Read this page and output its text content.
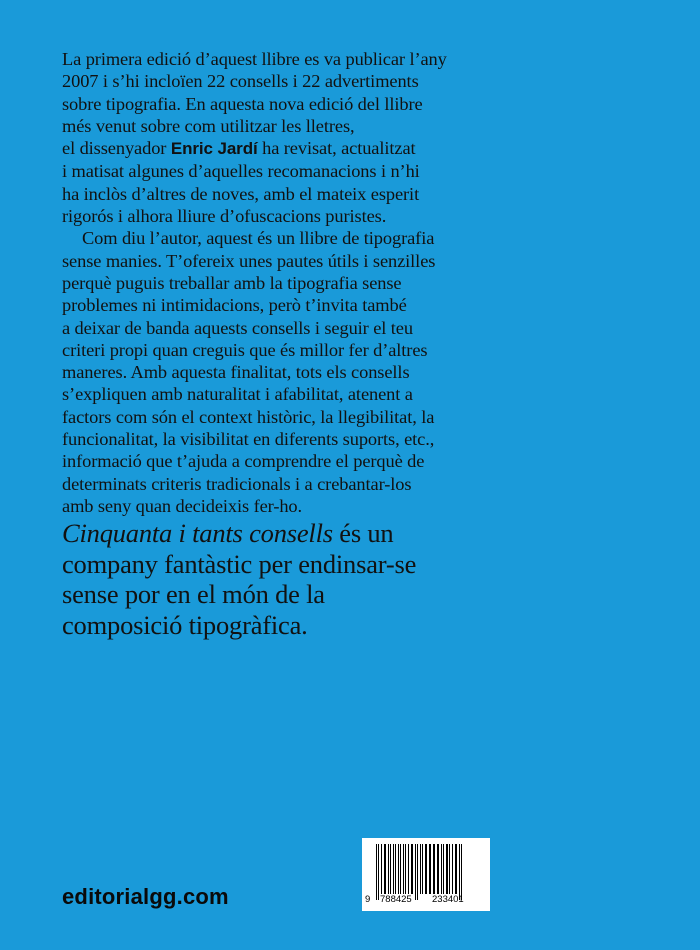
La primera edició d’aquest llibre es va publicar l’any
2007 i s’hi incloïen 22 consells i 22 advertiments
sobre tipografia. En aquesta nova edició del llibre
més venut sobre com utilitzar les lletres,
el dissenyador Enric Jardí ha revisat, actualitzat
i matisat algunes d’aquelles recomanacions i n’hi
ha inclòs d’altres de noves, amb el mateix esperit
rigorós i alhora lliure d’ofuscacions puristes.
Com diu l’autor, aquest és un llibre de tipografia
sense manies. T’ofereix unes pautes útils i senzilles
perquè puguis treballar amb la tipografia sense
problemes ni intimidacions, però t’invita també
a deixar de banda aquests consells i seguir el teu
criteri propi quan creguis que és millor fer d’altres
maneres. Amb aquesta finalitat, tots els consells
s’expliquen amb naturalitat i afabilitat, atenent a
factors com són el context històric, la llegibilitat, la
funcionalitat, la visibilitat en diferents suports, etc.,
informació que t’ajuda a comprendre el perquè de
determinats criteris tradicionals i a crebantar-los
amb seny quan decideixis fer-ho.
Cinquanta i tants consells és un
company fantàstic per endinsar-se
sense por en el món de la
composició tipogràfica.
editorialgg.com	9 788425 233401
